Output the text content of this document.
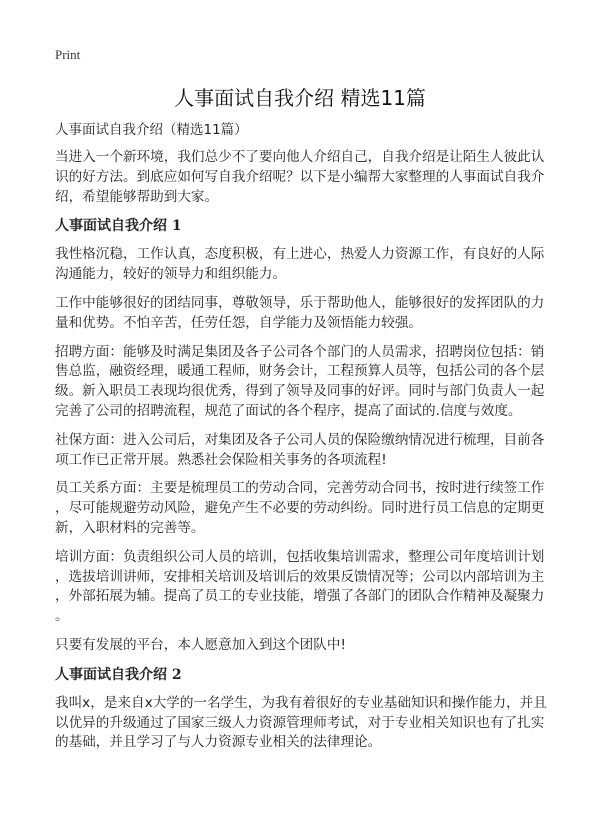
Print
人事面试自我介绍 精选11篇
人事面试自我介绍（精选11篇）
当进入一个新环境，我们总少不了要向他人介绍自己，自我介绍是让陌生人彼此认
识的好方法。到底应如何写自我介绍呢？以下是小编帮大家整理的人事面试自我介
绍，希望能够帮助到大家。
人事面试自我介绍 1
我性格沉稳，工作认真，态度积极，有上进心，热爱人力资源工作，有良好的人际
沟通能力，较好的领导力和组织能力。
工作中能够很好的团结同事，尊敬领导，乐于帮助他人，能够很好的发挥团队的力
量和优势。不怕辛苦，任劳任怨，自学能力及领悟能力较强。
招聘方面：能够及时满足集团及各子公司各个部门的人员需求，招聘岗位包括：销
售总监，融资经理，暖通工程师，财务会计，工程预算人员等，包括公司的各个层
级。新入职员工表现均很优秀，得到了领导及同事的好评。同时与部门负责人一起
完善了公司的招聘流程，规范了面试的各个程序，提高了面试的.信度与效度。
社保方面：进入公司后，对集团及各子公司人员的保险缴纳情况进行梳理，目前各
项工作已正常开展。熟悉社会保险相关事务的各项流程!
员工关系方面：主要是梳理员工的劳动合同，完善劳动合同书，按时进行续签工作
，尽可能规避劳动风险，避免产生不必要的劳动纠纷。同时进行员工信息的定期更
新，入职材料的完善等。
培训方面：负责组织公司人员的培训，包括收集培训需求，整理公司年度培训计划
，选拔培训讲师，安排相关培训及培训后的效果反馈情况等；公司以内部培训为主
，外部拓展为辅。提高了员工的专业技能，增强了各部门的团队合作精神及凝聚力
。
只要有发展的平台，本人愿意加入到这个团队中!
人事面试自我介绍 2
我叫x，是来自x大学的一名学生，为我有着很好的专业基础知识和操作能力，并且
以优异的升级通过了国家三级人力资源管理师考试，对于专业相关知识也有了扎实
的基础，并且学习了与人力资源专业相关的法律理论。
